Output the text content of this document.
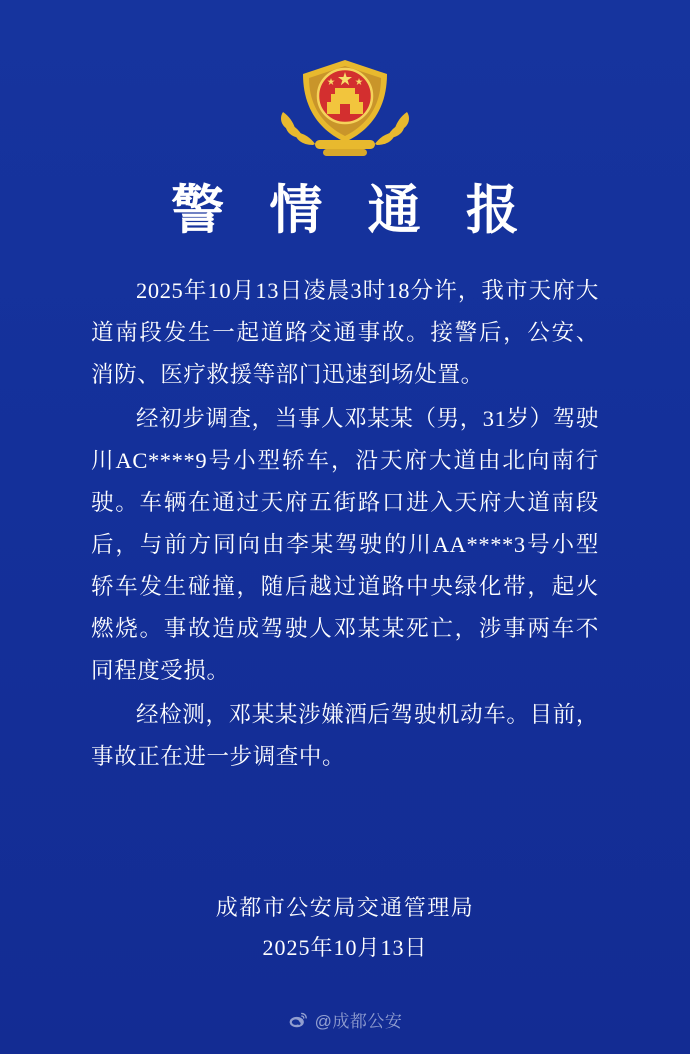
警 情 通 报

2025年10月13日凌晨3时18分许，我市天府大道南段发生一起道路交通事故。接警后，公安、消防、医疗救援等部门迅速到场处置。

经初步调查，当事人邓某某（男，31岁）驾驶川AC****9号小型轿车，沿天府大道由北向南行驶。车辆在通过天府五街路口进入天府大道南段后，与前方同向由李某驾驶的川AA****3号小型轿车发生碰撞，随后越过道路中央绿化带，起火燃烧。事故造成驾驶人邓某某死亡，涉事两车不同程度受损。

经检测，邓某某涉嫌酒后驾驶机动车。目前，事故正在进一步调查中。

成都市公安局交通管理局
2025年10月13日
@成都公安
